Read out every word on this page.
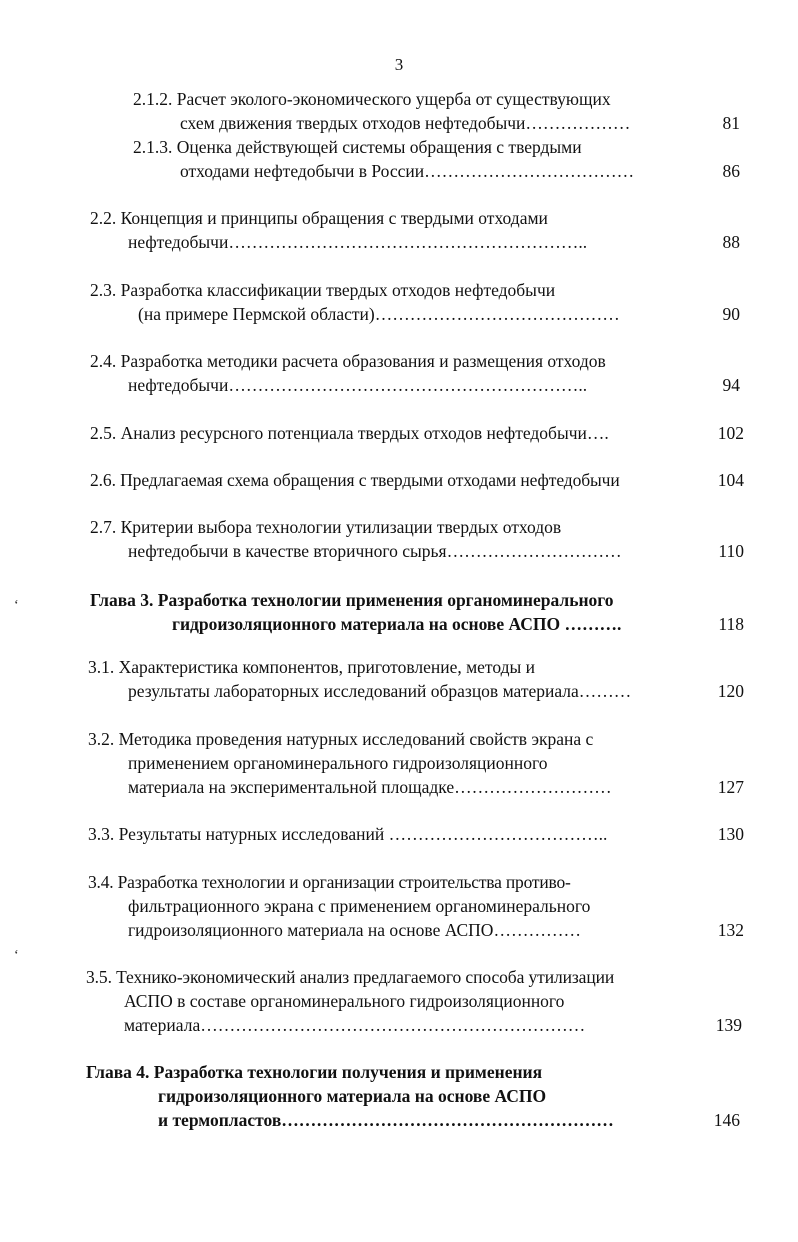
3
2.1.2. Расчет эколого-экономического ущерба от существующих
схем движения твердых отходов нефтедобычи………………	81
2.1.3. Оценка действующей системы обращения с твердыми
отходами нефтедобычи в России………………………………	86
2.2. Концепция и принципы обращения с твердыми отходами
нефтедобычи……………………………………………………..	88
2.3. Разработка классификации твердых отходов нефтедобычи
(на примере Пермской области)……………………………………	90
2.4. Разработка методики расчета образования и размещения отходов
нефтедобычи……………………………………………………..	94
2.5. Анализ ресурсного потенциала твердых отходов нефтедобычи….	102
2.6. Предлагаемая схема обращения с твердыми отходами нефтедобычи	104
2.7. Критерии выбора технологии утилизации твердых отходов
нефтедобычи в качестве вторичного сырья…………………………	110
Глава 3. Разработка технологии применения органоминерального
гидроизоляционного материала на основе АСПО ……….	118
3.1. Характеристика компонентов, приготовление, методы и
результаты лабораторных исследований образцов материала………	120
3.2. Методика проведения натурных исследований свойств экрана с
применением органоминерального гидроизоляционного
материала на экспериментальной площадке………………………	127
3.3. Результаты натурных исследований ………………………………..	130
3.4. Разработка технологии и организации строительства противо-
фильтрационного экрана с применением органоминерального
гидроизоляционного материала на основе АСПО……………	132
3.5. Технико-экономический анализ предлагаемого способа утилизации
АСПО в составе органоминерального гидроизоляционного
материала…………………………………………………………	139
Глава 4. Разработка технологии получения и применения
гидроизоляционного материала на основе АСПО
и термопластов…………………………………………………	146
ʻ
ʻ
